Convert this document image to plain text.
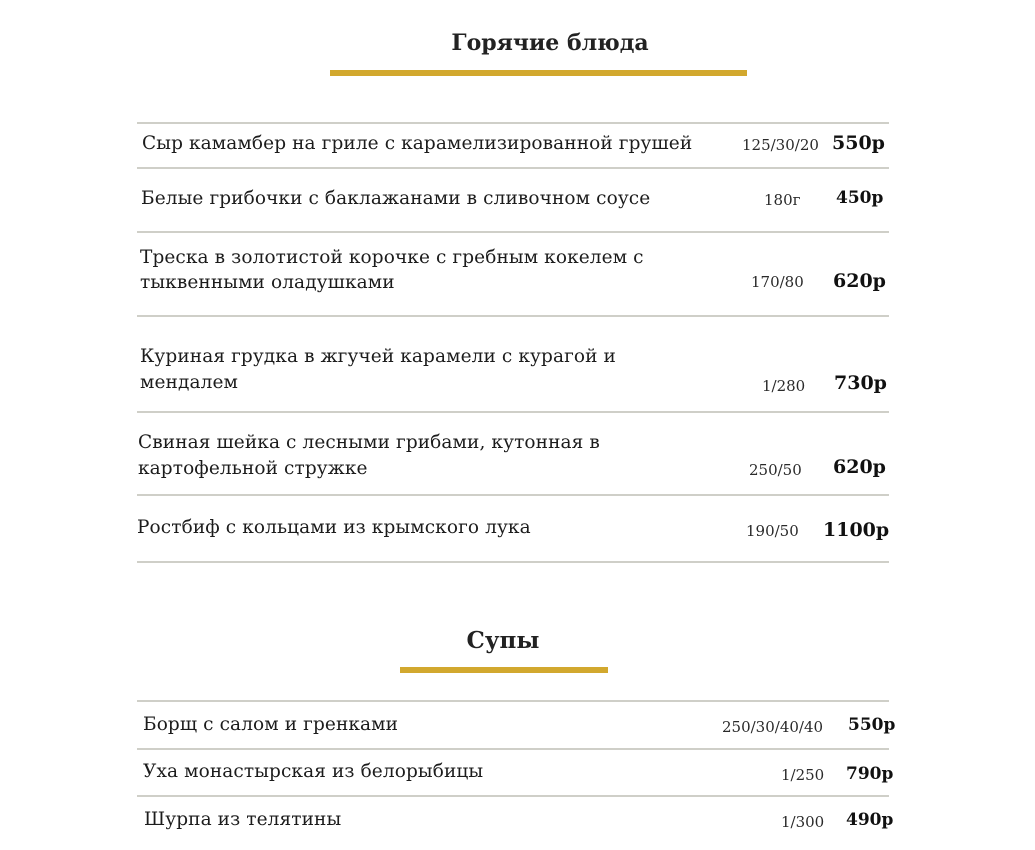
Горячие блюда
Сыр камамбер на гриле с карамелизированной грушей	125/30/20 550р
Белые грибочки с баклажанами в сливочном соусе	180г 450р
Треска в золотистой корочке с гребным кокелем с
тыквенными оладушками	170/80 620р
Куриная грудка в жгучей карамели с курагой и
мендалем	1/280 730р
Свиная шейка с лесными грибами, кутонная в
картофельной стружке	250/50 620р
Ростбиф с кольцами из крымского лука	190/50 1100р
Супы
Борщ с салом и гренками	250/30/40/40 550р
Уха монастырская из белорыбицы	1/250 790р
Шурпа из телятины	1/300 490р
